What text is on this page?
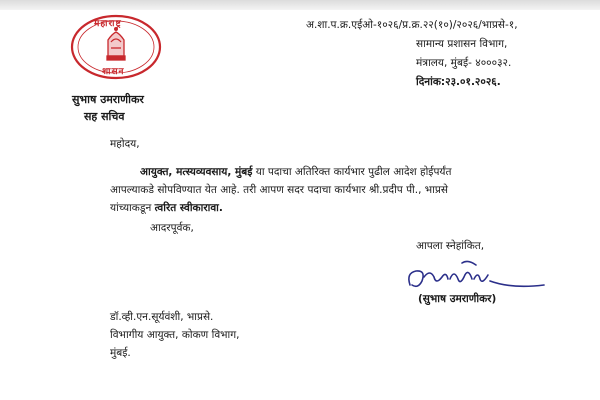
महाराष्ट्र
शासन
अ.शा.प.क्र.एईओ-१०२६/प्र.क्र.२२(१०)/२०२६/भाप्रसे-१,
सामान्य प्रशासन विभाग,
मंत्रालय, मुंबई- ४०००३२.
दिनांक:२३.०१.२०२६.
सुभाष उमराणीकर
सह सचिव
महोदय,
आयुक्त, मत्स्यव्यवसाय, मुंबई या पदाचा अतिरिक्त कार्यभार पुढील आदेश होईपर्यंत
आपल्याकडे सोपविण्यात येत आहे. तरी आपण सदर पदाचा कार्यभार श्री.प्रदीप पी., भाप्रसे
यांच्याकडून त्वरित स्वीकारावा.
आदरपूर्वक,
आपला स्नेहांकित,
(सुभाष उमराणीकर)
डॉ.व्ही.एन.सूर्यवंशी, भाप्रसे.
विभागीय आयुक्त, कोकण विभाग,
मुंबई.
